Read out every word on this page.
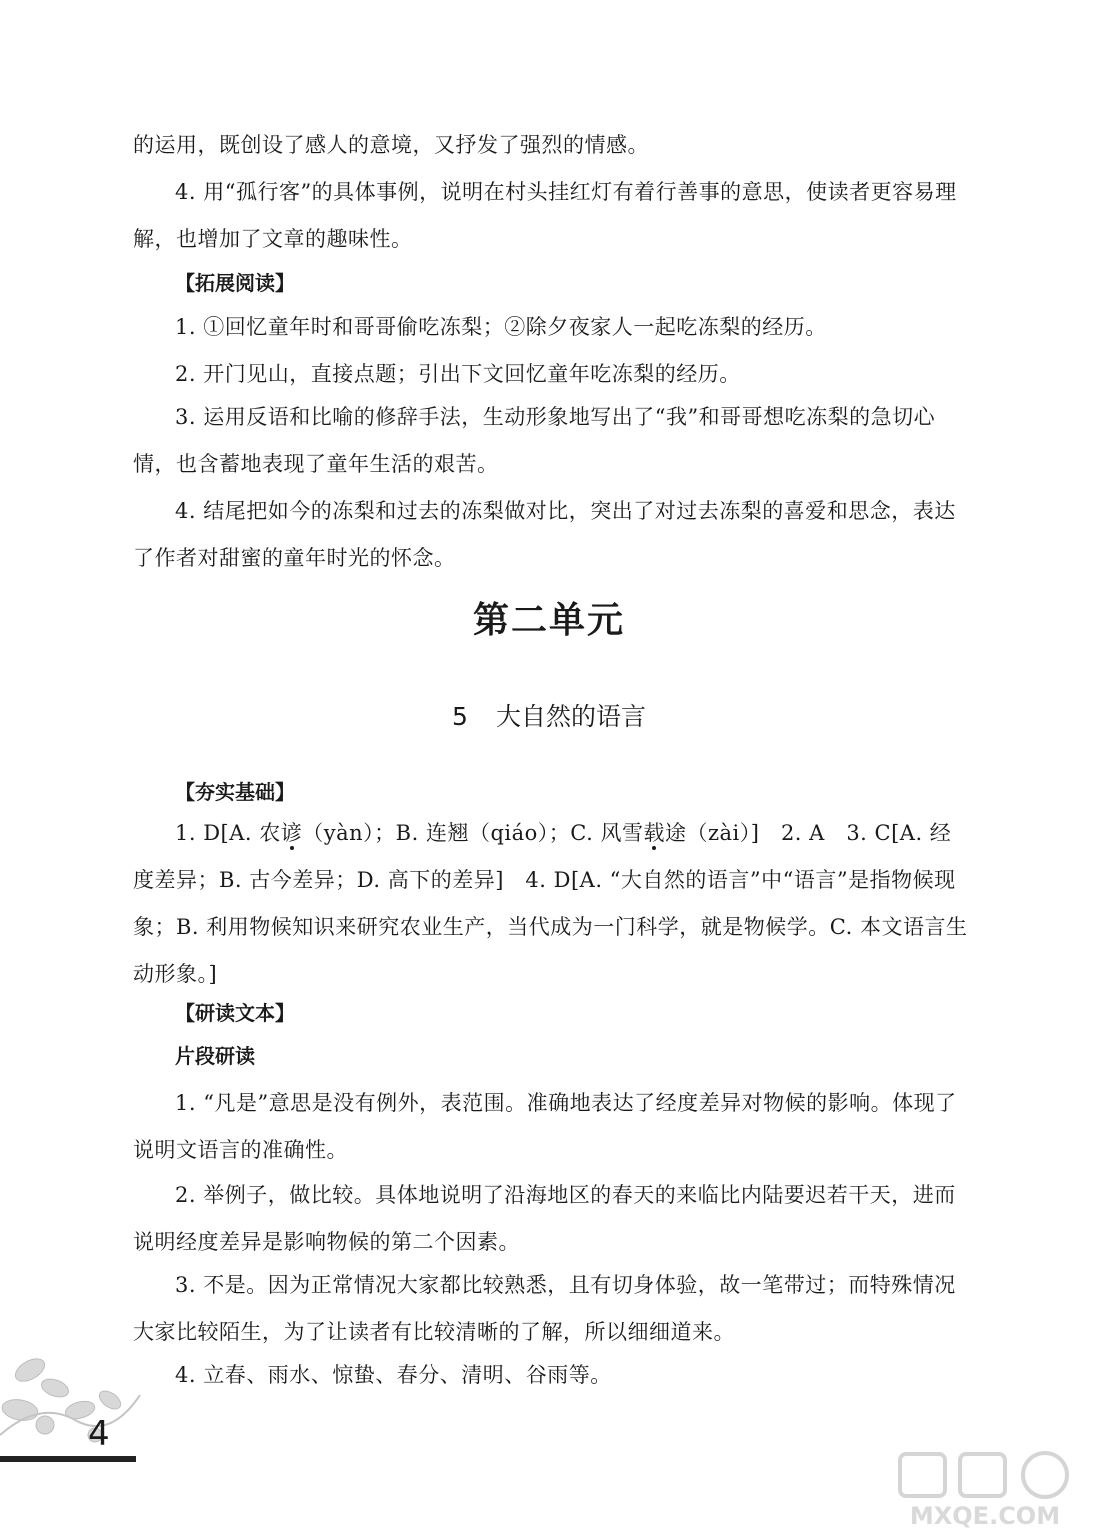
的运用，既创设了感人的意境，又抒发了强烈的情感。

4. 用“孤行客”的具体事例，说明在村头挂红灯有着行善事的意思，使读者更容易理解，也增加了文章的趣味性。

【拓展阅读】

1. ①回忆童年时和哥哥偷吃冻梨；②除夕夜家人一起吃冻梨的经历。

2. 开门见山，直接点题；引出下文回忆童年吃冻梨的经历。

3. 运用反语和比喻的修辞手法，生动形象地写出了“我”和哥哥想吃冻梨的急切心情，也含蓄地表现了童年生活的艰苦。

4. 结尾把如今的冻梨和过去的冻梨做对比，突出了对过去冻梨的喜爱和思念，表达了作者对甜蜜的童年时光的怀念。

第二单元
5 大自然的语言
【夯实基础】

1. D[A. 农谚（yàn）；B. 连翘（qiáo）；C. 风雪载途（zài）]　2. A　3. C[A. 经度差异；B. 古今差异；D. 高下的差异]　4. D[A. “大自然的语言”中“语言”是指物候现象；B. 利用物候知识来研究农业生产，当代成为一门科学，就是物候学。C. 本文语言生动形象。]

【研读文本】
片段研读

1. “凡是”意思是没有例外，表范围。准确地表达了经度差异对物候的影响。体现了说明文语言的准确性。

2. 举例子，做比较。具体地说明了沿海地区的春天的来临比内陆要迟若干天，进而说明经度差异是影响物候的第二个因素。

3. 不是。因为正常情况大家都比较熟悉，且有切身体验，故一笔带过；而特殊情况大家比较陌生，为了让读者有比较清晰的了解，所以细细道来。

4. 立春、雨水、惊蛰、春分、清明、谷雨等。

4
MXQE.COM
